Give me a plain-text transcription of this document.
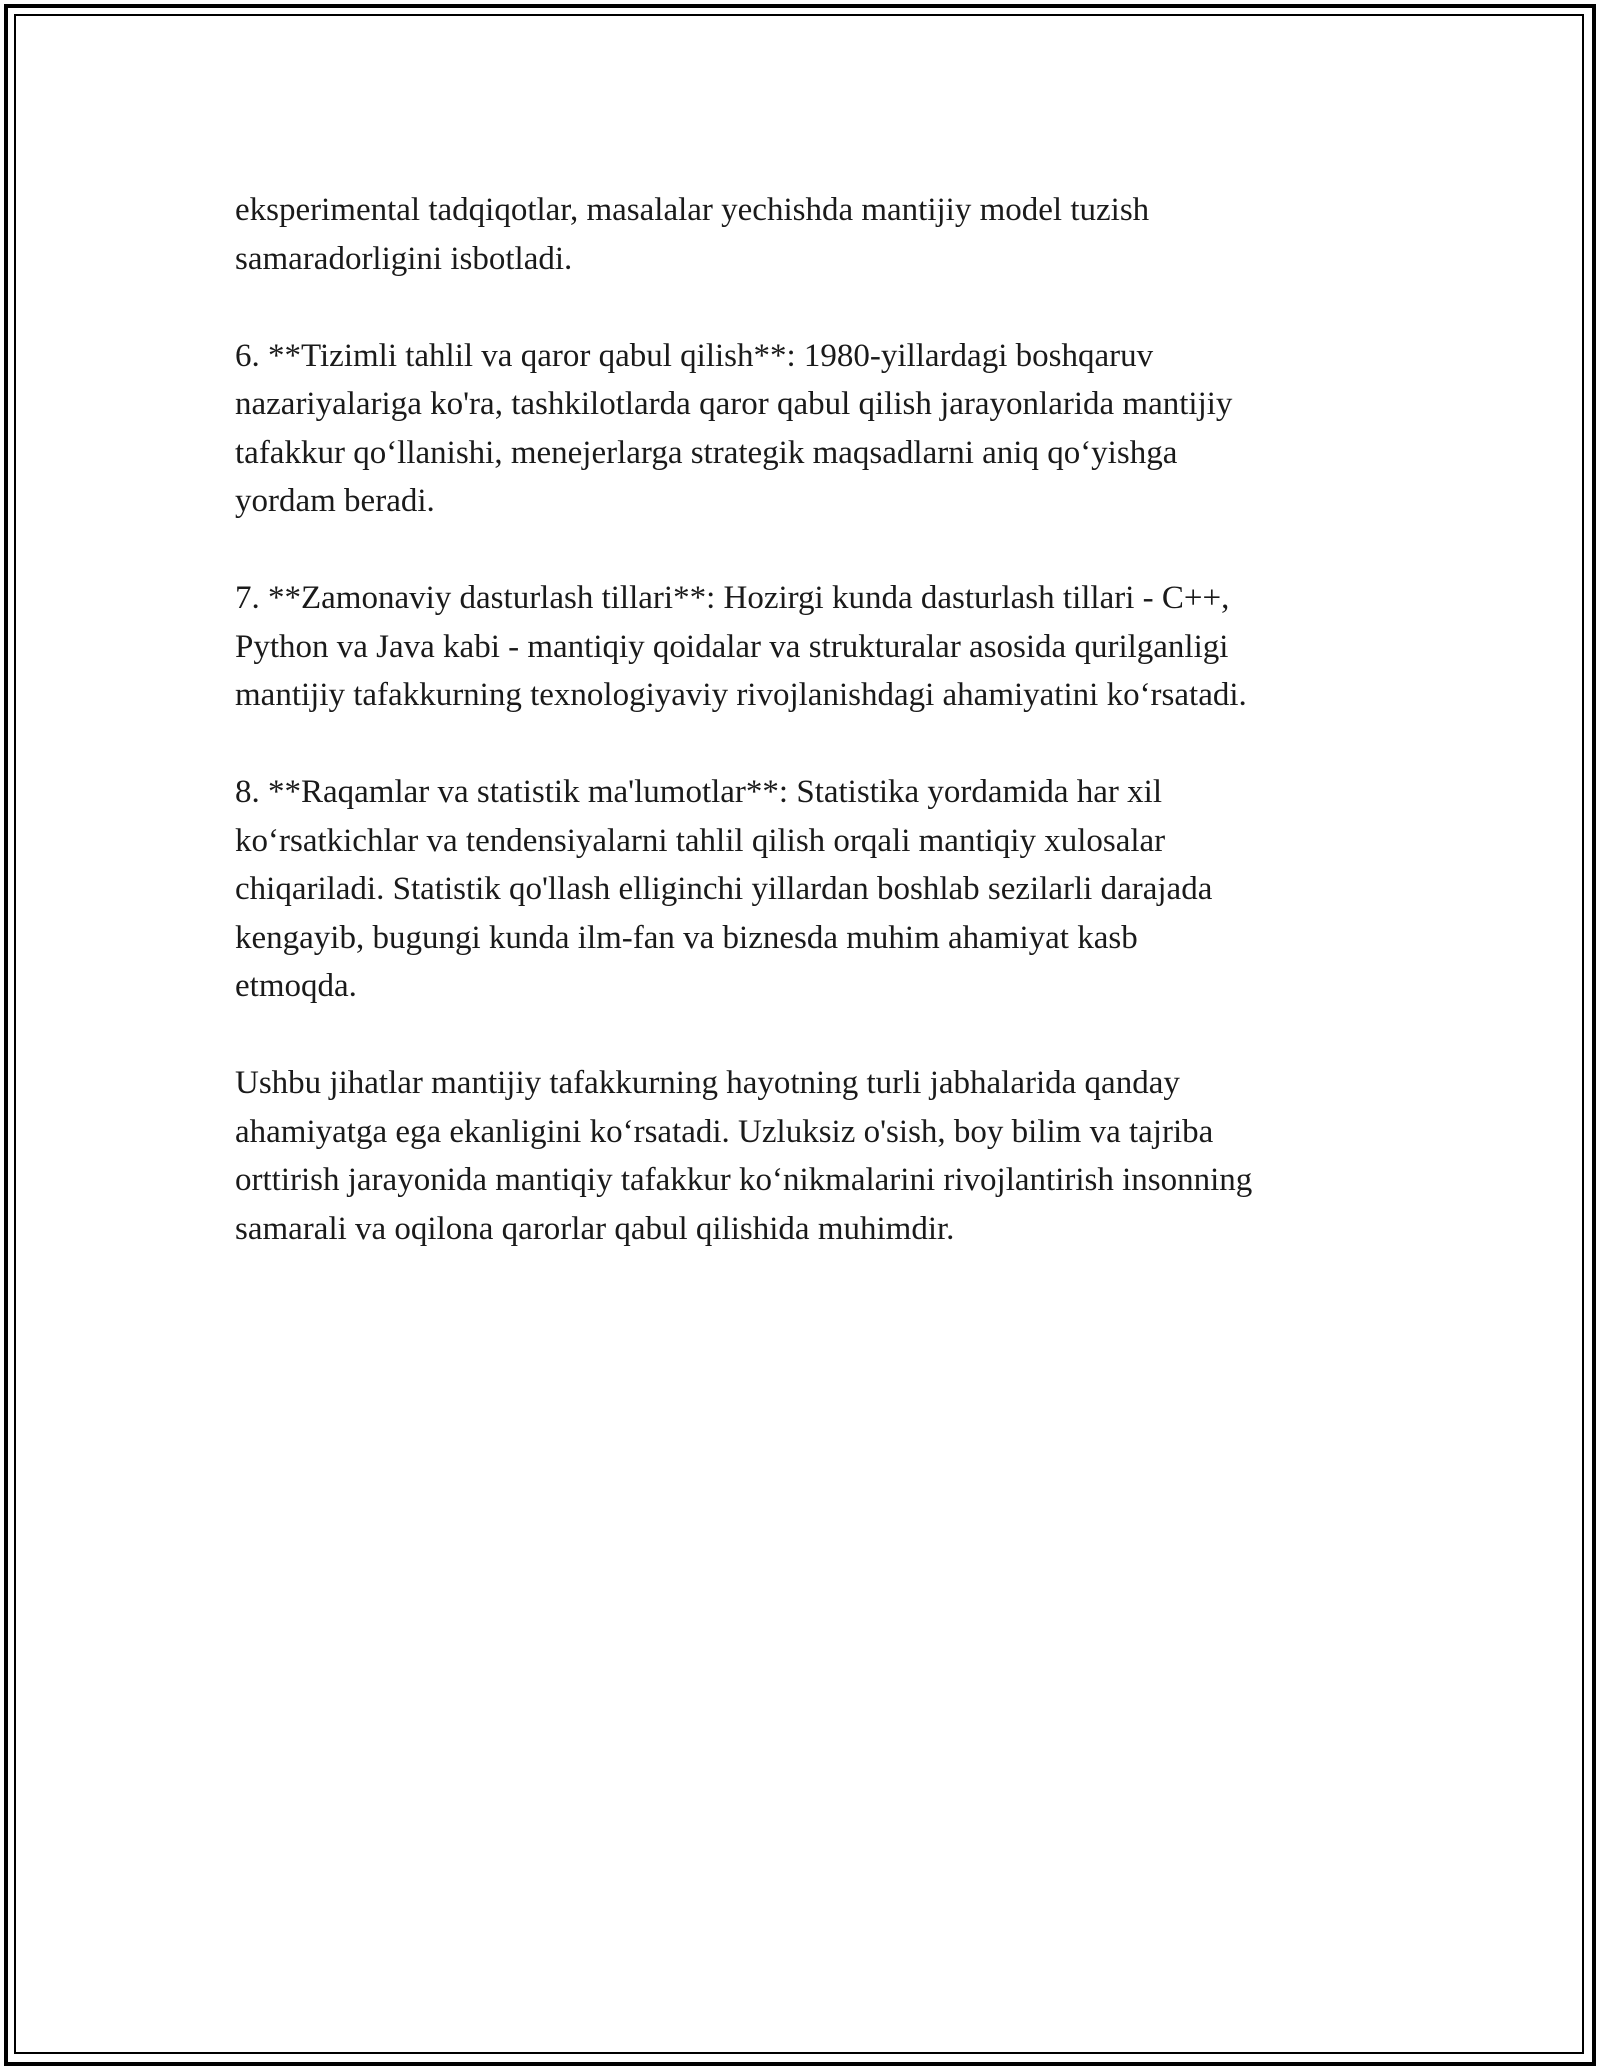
eksperimental tadqiqotlar, masalalar yechishda mantijiy model tuzish
samaradorligini isbotladi.

6. **Tizimli tahlil va qaror qabul qilish**: 1980-yillardagi boshqaruv
nazariyalariga ko'ra, tashkilotlarda qaror qabul qilish jarayonlarida mantijiy
tafakkur qo‘llanishi, menejerlarga strategik maqsadlarni aniq qo‘yishga
yordam beradi.

7. **Zamonaviy dasturlash tillari**: Hozirgi kunda dasturlash tillari - C++,
Python va Java kabi - mantiqiy qoidalar va strukturalar asosida qurilganligi
mantijiy tafakkurning texnologiyaviy rivojlanishdagi ahamiyatini ko‘rsatadi.

8. **Raqamlar va statistik ma'lumotlar**: Statistika yordamida har xil
ko‘rsatkichlar va tendensiyalarni tahlil qilish orqali mantiqiy xulosalar
chiqariladi. Statistik qo'llash elliginchi yillardan boshlab sezilarli darajada
kengayib, bugungi kunda ilm-fan va biznesda muhim ahamiyat kasb
etmoqda.

Ushbu jihatlar mantijiy tafakkurning hayotning turli jabhalarida qanday
ahamiyatga ega ekanligini ko‘rsatadi. Uzluksiz o'sish, boy bilim va tajriba
orttirish jarayonida mantiqiy tafakkur ko‘nikmalarini rivojlantirish insonning
samarali va oqilona qarorlar qabul qilishida muhimdir.
